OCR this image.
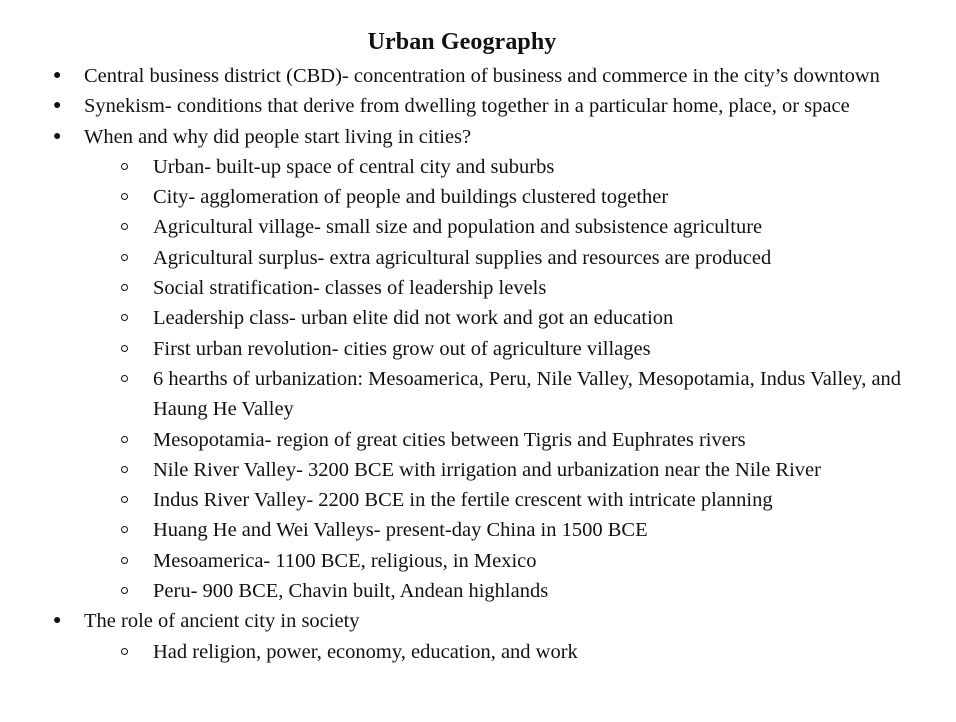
Urban Geography
● Central business district (CBD)- concentration of business and commerce in the city’s downtown
● Synekism- conditions that derive from dwelling together in a particular home, place, or space
● When and why did people start living in cities?
Urban- built-up space of central city and suburbs
City- agglomeration of people and buildings clustered together
Agricultural village- small size and population and subsistence agriculture
Agricultural surplus- extra agricultural supplies and resources are produced
Social stratification- classes of leadership levels
Leadership class- urban elite did not work and got an education
First urban revolution- cities grow out of agriculture villages
6 hearths of urbanization: Mesoamerica, Peru, Nile Valley, Mesopotamia, Indus Valley, and Haung He Valley
Mesopotamia- region of great cities between Tigris and Euphrates rivers
Nile River Valley- 3200 BCE with irrigation and urbanization near the Nile River
Indus River Valley- 2200 BCE in the fertile crescent with intricate planning
Huang He and Wei Valleys- present-day China in 1500 BCE
Mesoamerica- 1100 BCE, religious, in Mexico
Peru- 900 BCE, Chavin built, Andean highlands
● The role of ancient city in society
Had religion, power, economy, education, and work
